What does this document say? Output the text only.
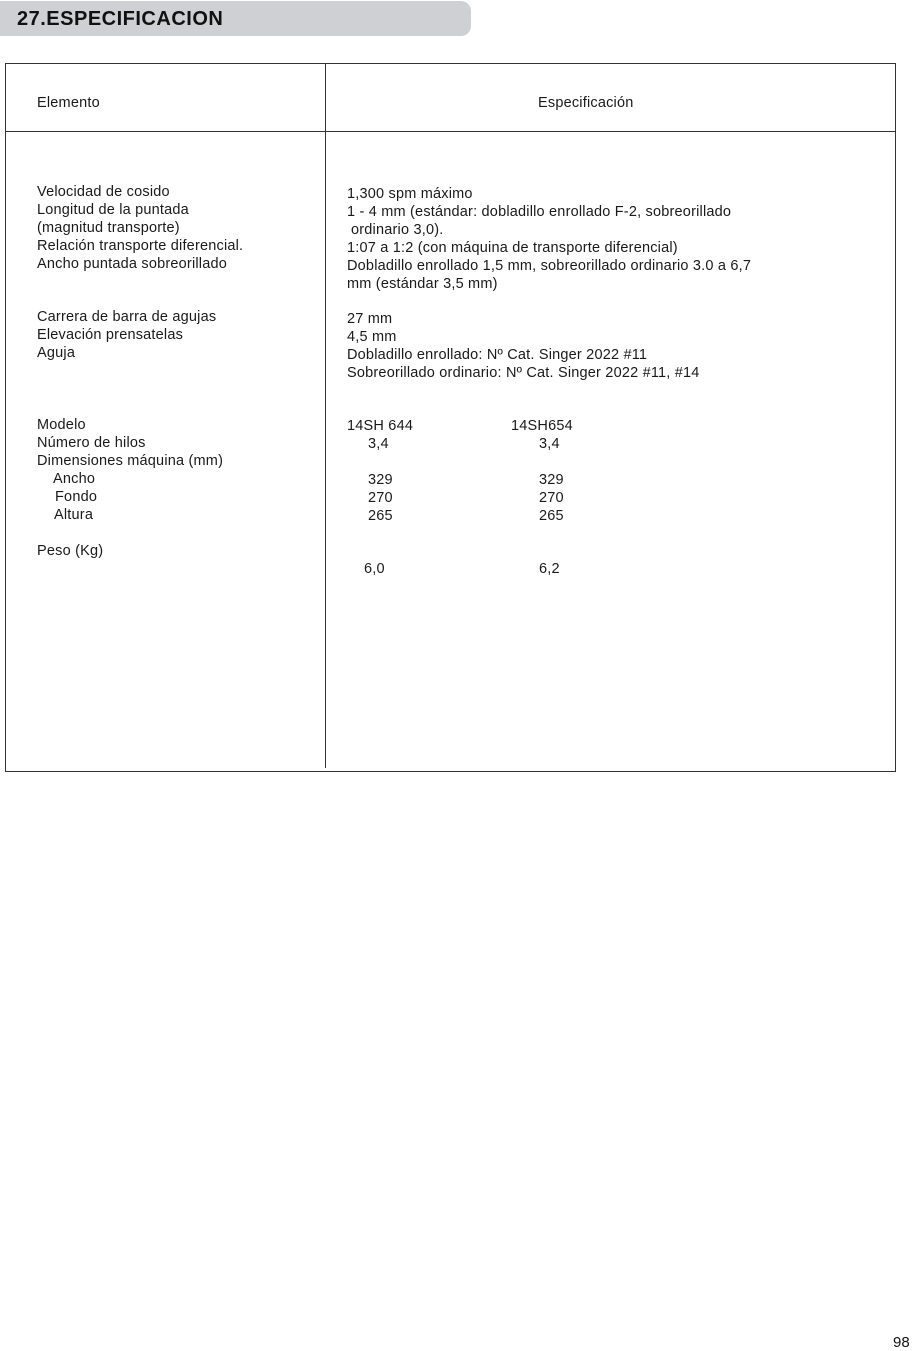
27.ESPECIFICACION
Elemento	Especificación
Velocidad de cosido
Longitud de la puntada
(magnitud transporte)
Relación transporte diferencial.
Ancho puntada sobreorillado
Carrera de barra de agujas
Elevación prensatelas
Aguja
Modelo
Número de hilos
Dimensiones máquina (mm)
Ancho
Fondo
Altura
Peso (Kg)
1,300 spm máximo
1 - 4 mm (estándar: dobladillo enrollado F-2, sobreorillado
ordinario 3,0).
1:07 a 1:2 (con máquina de transporte diferencial)
Dobladillo enrollado 1,5 mm, sobreorillado ordinario 3.0 a 6,7
mm (estándar 3,5 mm)
27 mm
4,5 mm
Dobladillo enrollado: Nº Cat. Singer 2022 #11
Sobreorillado ordinario: Nº Cat. Singer 2022 #11, #14
14SH 644
3,4
329
270
265
6,0
14SH654
3,4
329
270
265
6,2
98
